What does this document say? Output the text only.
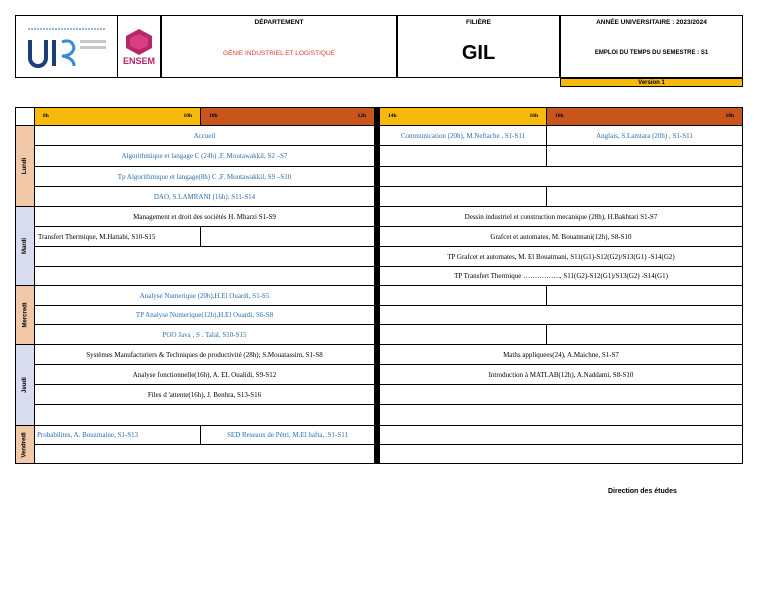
ENSEM
DÉPARTEMENT
GÉNIE INDUSTRIEL ET LOGISTIQUE
FILIÈRE
GIL
ANNÉE UNIVERSITAIRE : 2023/2024
EMPLOI DU TEMPS DU SEMESTRE : S1
Version 1
8h	10h	10h	12h	14h	16h	16h	18h
Lundi
Accueil	Communication (20h), M.Neftache , S1-S11	Anglais, S.Lamtara (20h) , S1-S11
Algorithmique et langage C (24h) ,F. Moutawakkil, S2 –S7
Tp Algorithmique et langage(8h) C ,F. Moutawakkil, S9 –S10
DAO, S.LAMRANI (16h). S11-S14
Mardi
Management et droit des sociétés H. Mharzi S1-S9	Dessin industriel et construction mecanique (28h), H.Bakhtari S1-S7
Transfert Thermique, M.Hattabi, S10-S15	Grafcet et automates, M. Bouatmani(12h), S8-S10
TP Grafcet et automates, M. El Bouatmani, S11(G1)-S12(G2)/S13(G1) -S14(G2)
TP Transfert Thermique ……………., S11(G2)-S12(G1)/S13(G2) -S14(G1)
Mercredi
Analyse Numerique (20h),H.El Ouardi, S1-S5
TP Analyse Numerique(12h),H.El Ouardi, S6-S8
POO Java , S . Talal, S10-S15
Jeudi
Systèmes Manufacturiers & Techniques de productivité (28h); S.Mouatassim, S1-S8	Maths appliquees(24), A.Maichne, S1-S7
Analyse fonctionnelle(16h), A. EL Oualidi, S9-S12	Introduction à MATLAB(12h), A.Naddami, S8-S10
Files d 'attente(16h), J. Benhra, S13-S16
Vendredi Probabilites, A. Bouzmaine, S1-S13	SED Reseaux de Pétri, M.El hafta, .S1-S11
Direction des études
